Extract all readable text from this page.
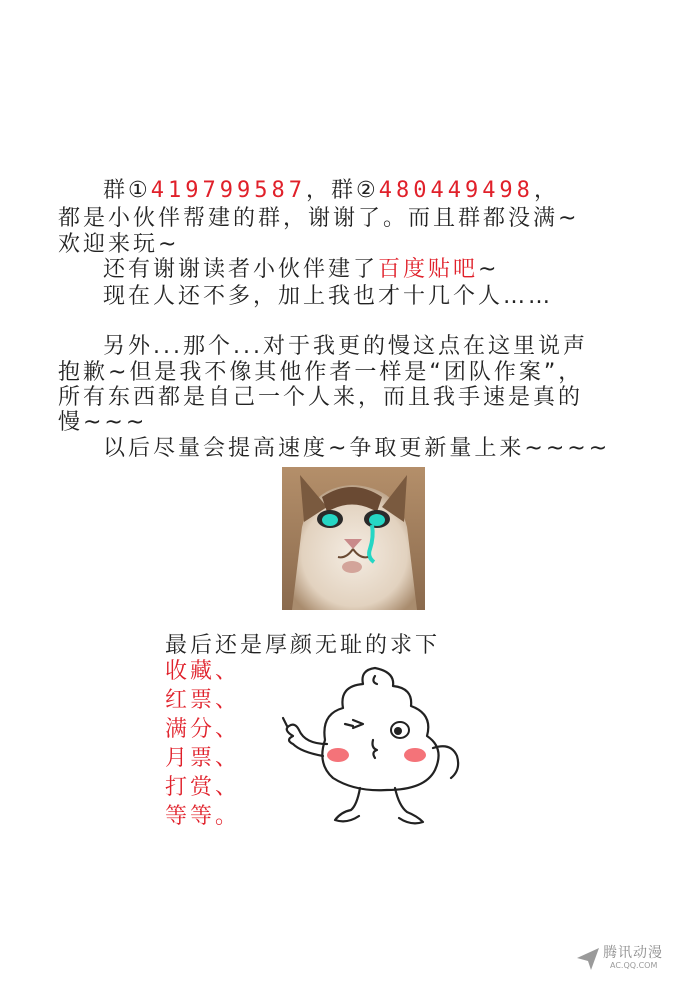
群①419799587，群②480449498，
都是小伙伴帮建的群，谢谢了。而且群都没满~
欢迎来玩~
还有谢谢读者小伙伴建了百度贴吧~
现在人还不多，加上我也才十几个人……
另外...那个...对于我更的慢这点在这里说声
抱歉~但是我不像其他作者一样是“团队作案”，
所有东西都是自己一个人来，而且我手速是真的
慢~~~
以后尽量会提高速度~争取更新量上来~~~~
最后还是厚颜无耻的求下
收藏、
红票、
满分、
月票、
打赏、
等等。
腾讯动漫
AC.QQ.COM
